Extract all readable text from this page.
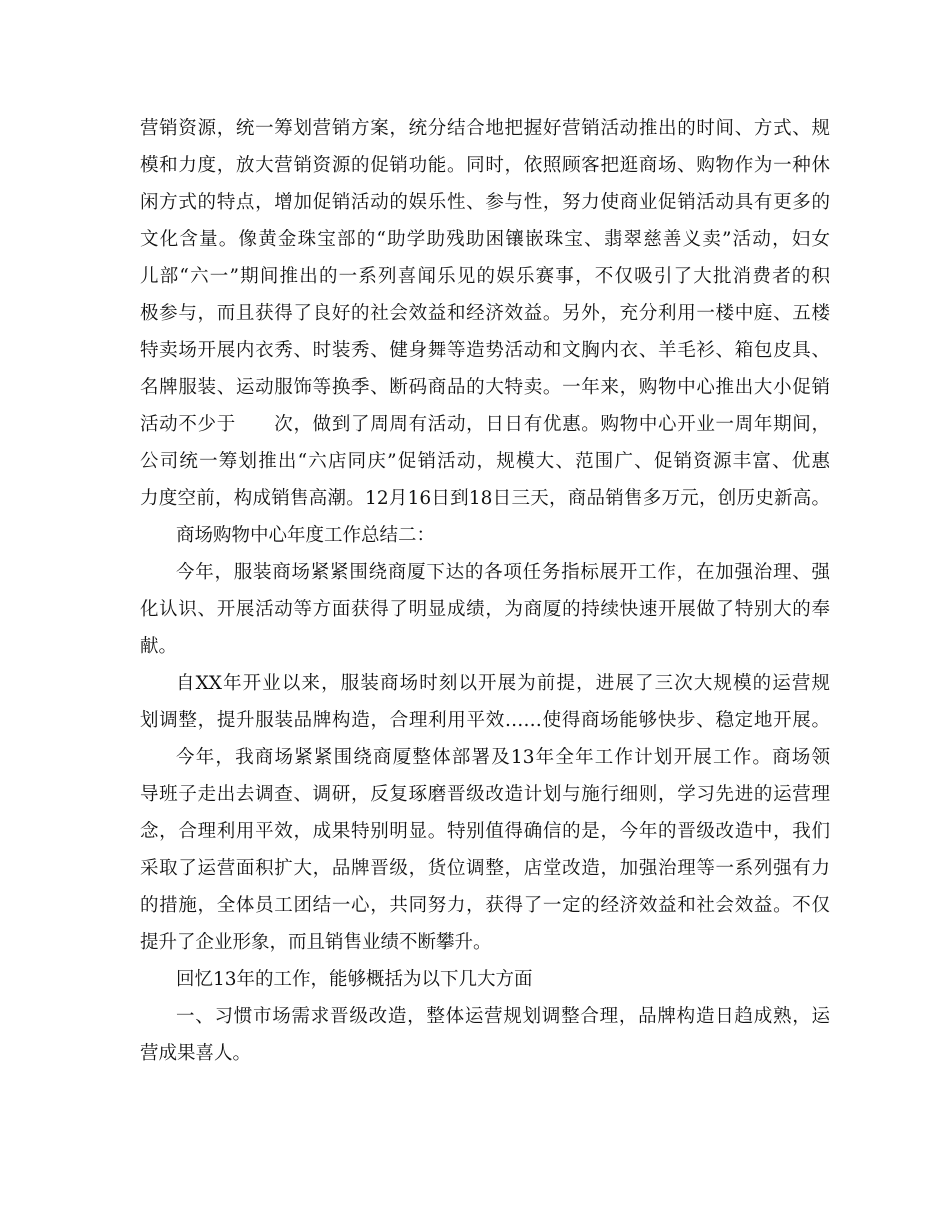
营销资源，统一筹划营销方案，统分结合地把握好营销活动推出的时间、方式、规
模和力度，放大营销资源的促销功能。同时，依照顾客把逛商场、购物作为一种休
闲方式的特点，增加促销活动的娱乐性、参与性，努力使商业促销活动具有更多的
文化含量。像黄金珠宝部的“助学助残助困镶嵌珠宝、翡翠慈善义卖”活动，妇女
儿部“六一”期间推出的一系列喜闻乐见的娱乐赛事，不仅吸引了大批消费者的积
极参与，而且获得了良好的社会效益和经济效益。另外，充分利用一楼中庭、五楼
特卖场开展内衣秀、时装秀、健身舞等造势活动和文胸内衣、羊毛衫、箱包皮具、
名牌服装、运动服饰等换季、断码商品的大特卖。一年来，购物中心推出大小促销
活动不少于　　次，做到了周周有活动，日日有优惠。购物中心开业一周年期间，
公司统一筹划推出“六店同庆”促销活动，规模大、范围广、促销资源丰富、优惠
力度空前，构成销售高潮。12月16日到18日三天，商品销售多万元，创历史新高。
商场购物中心年度工作总结二：
今年，服装商场紧紧围绕商厦下达的各项任务指标展开工作，在加强治理、强
化认识、开展活动等方面获得了明显成绩，为商厦的持续快速开展做了特别大的奉
献。
自XX年开业以来，服装商场时刻以开展为前提，进展了三次大规模的运营规
划调整，提升服装品牌构造，合理利用平效……使得商场能够快步、稳定地开展。
今年，我商场紧紧围绕商厦整体部署及13年全年工作计划开展工作。商场领
导班子走出去调查、调研，反复琢磨晋级改造计划与施行细则，学习先进的运营理
念，合理利用平效，成果特别明显。特别值得确信的是，今年的晋级改造中，我们
采取了运营面积扩大，品牌晋级，货位调整，店堂改造，加强治理等一系列强有力
的措施，全体员工团结一心，共同努力，获得了一定的经济效益和社会效益。不仅
提升了企业形象，而且销售业绩不断攀升。
回忆13年的工作，能够概括为以下几大方面
一、习惯市场需求晋级改造，整体运营规划调整合理，品牌构造日趋成熟，运
营成果喜人。
